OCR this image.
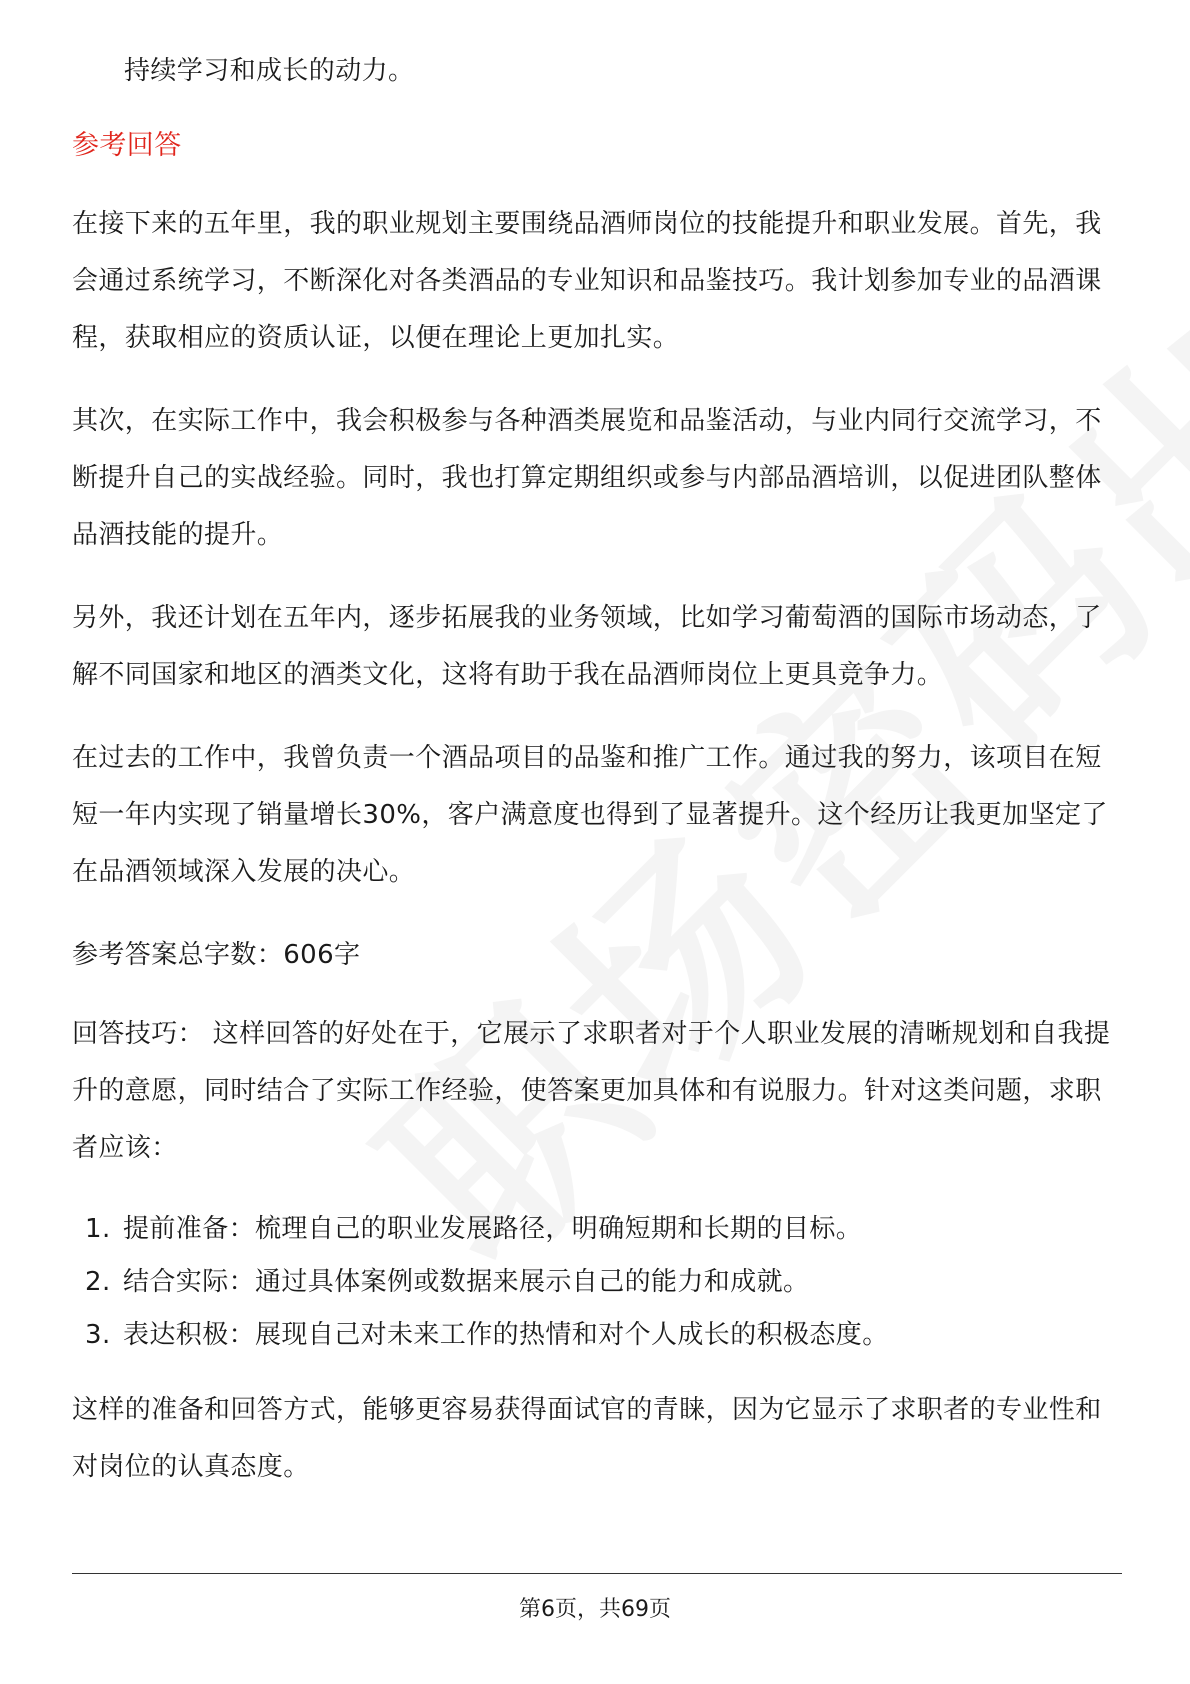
持续学习和成长的动力。

参考回答

在接下来的五年里，我的职业规划主要围绕品酒师岗位的技能提升和职业发展。首先，我会通过系统学习，不断深化对各类酒品的专业知识和品鉴技巧。我计划参加专业的品酒课程，获取相应的资质认证，以便在理论上更加扎实。

其次，在实际工作中，我会积极参与各种酒类展览和品鉴活动，与业内同行交流学习，不断提升自己的实战经验。同时，我也打算定期组织或参与内部品酒培训，以促进团队整体品酒技能的提升。

另外，我还计划在五年内，逐步拓展我的业务领域，比如学习葡萄酒的国际市场动态，了解不同国家和地区的酒类文化，这将有助于我在品酒师岗位上更具竞争力。

在过去的工作中，我曾负责一个酒品项目的品鉴和推广工作。通过我的努力，该项目在短短一年内实现了销量增长30%，客户满意度也得到了显著提升。这个经历让我更加坚定了在品酒领域深入发展的决心。

参考答案总字数：606字

回答技巧： 这样回答的好处在于，它展示了求职者对于个人职业发展的清晰规划和自我提升的意愿，同时结合了实际工作经验，使答案更加具体和有说服力。针对这类问题，求职者应该：

1. 提前准备：梳理自己的职业发展路径，明确短期和长期的目标。
2. 结合实际：通过具体案例或数据来展示自己的能力和成就。
3. 表达积极：展现自己对未来工作的热情和对个人成长的积极态度。

这样的准备和回答方式，能够更容易获得面试官的青睐，因为它显示了求职者的专业性和对岗位的认真态度。

第6页，共69页
